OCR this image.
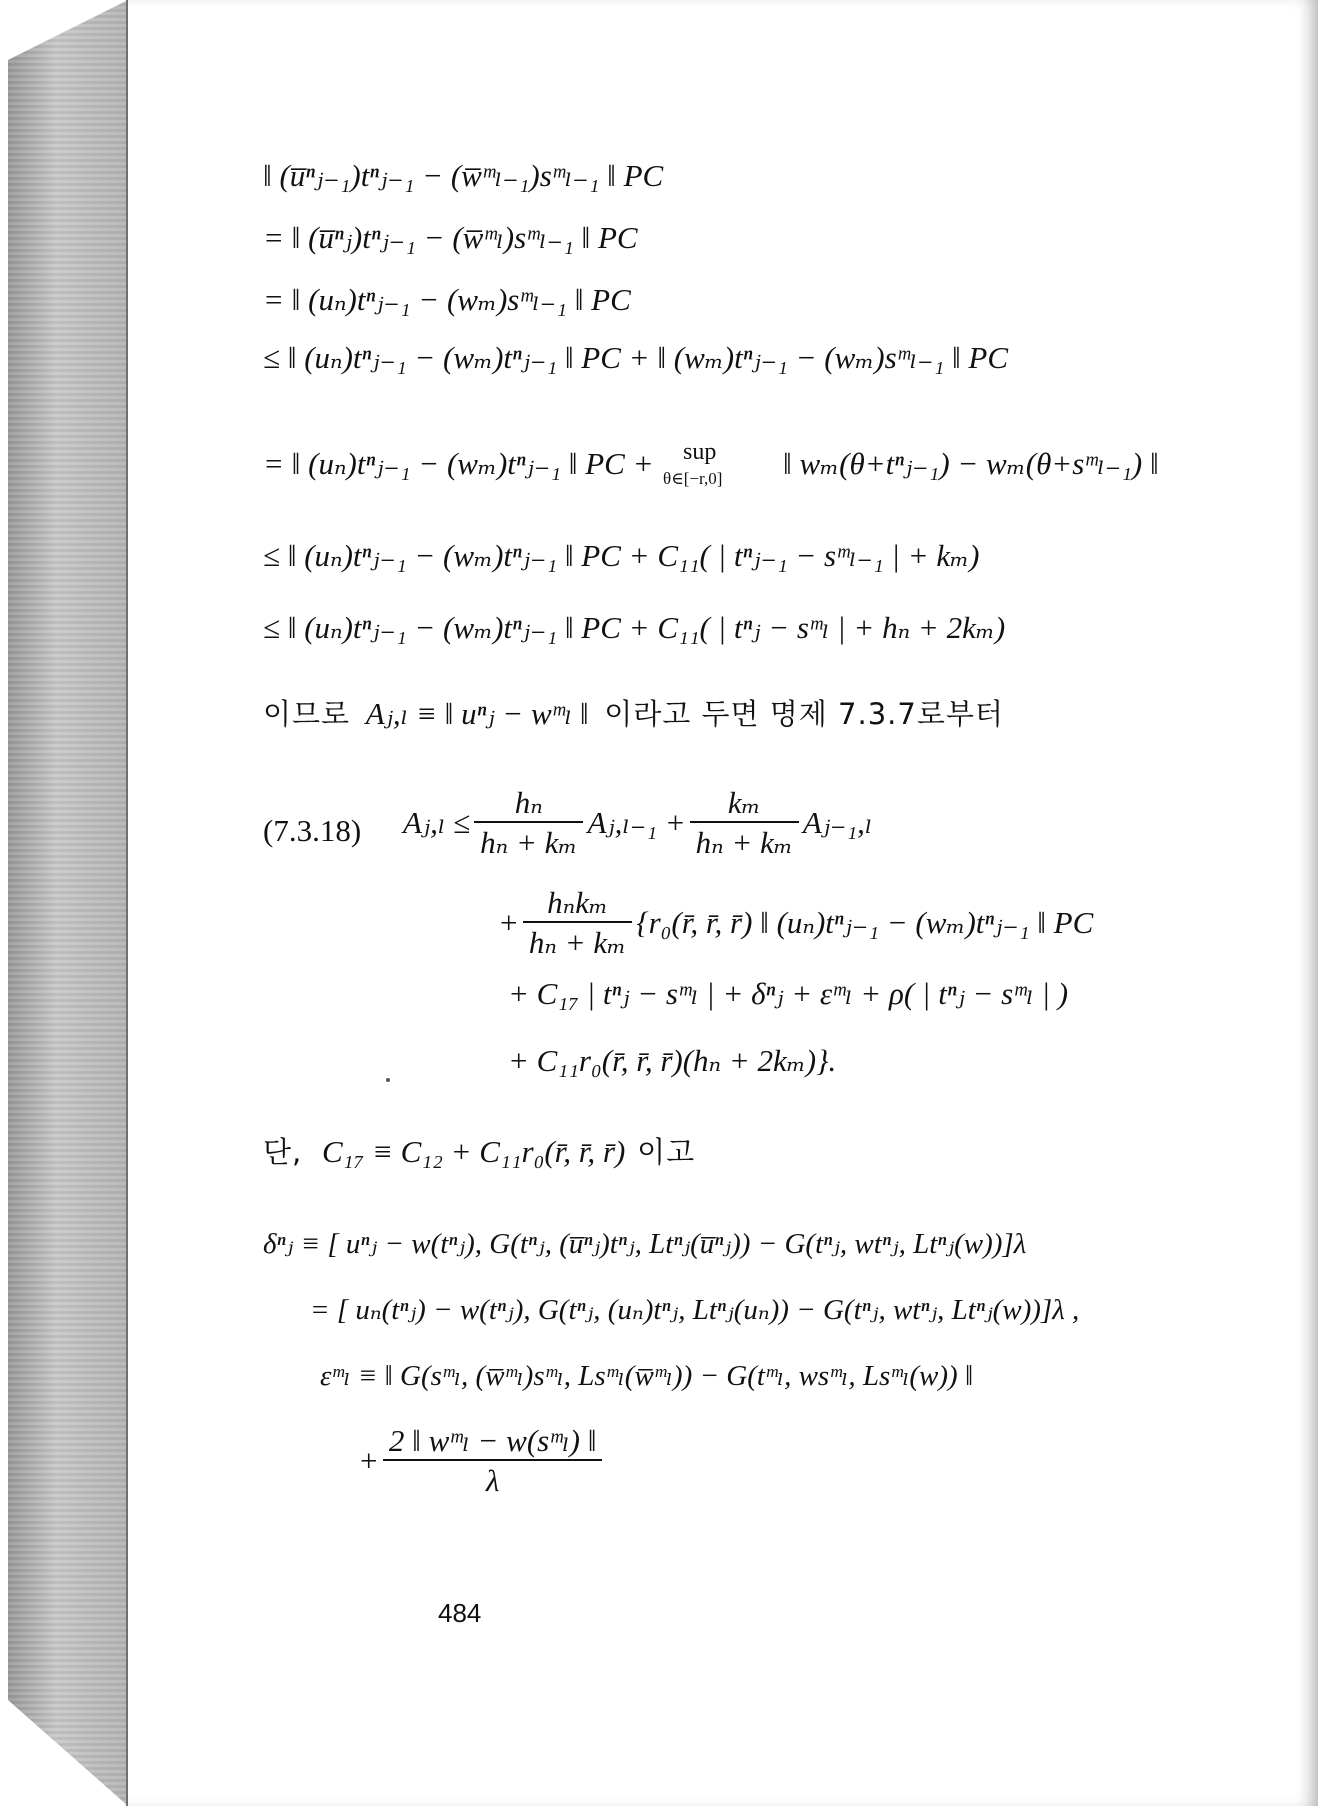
‖ (u̅ⁿⱼ₋₁)tⁿⱼ₋₁ − (w̅ᵐₗ₋₁)sᵐₗ₋₁ ‖ PC
= ‖ (u̅ⁿⱼ)tⁿⱼ₋₁ − (w̅ᵐₗ)sᵐₗ₋₁ ‖ PC
= ‖ (uₙ)tⁿⱼ₋₁ − (wₘ)sᵐₗ₋₁ ‖ PC
≤ ‖ (uₙ)tⁿⱼ₋₁ − (wₘ)tⁿⱼ₋₁ ‖ PC + ‖ (wₘ)tⁿⱼ₋₁ − (wₘ)sᵐₗ₋₁ ‖ PC
= ‖ (uₙ)tⁿⱼ₋₁ − (wₘ)tⁿⱼ₋₁ ‖ PC + sup
θ∈[−r,0] ‖ wₘ(θ+tⁿⱼ₋₁) − wₘ(θ+sᵐₗ₋₁) ‖
≤ ‖ (uₙ)tⁿⱼ₋₁ − (wₘ)tⁿⱼ₋₁ ‖ PC + C₁₁( | tⁿⱼ₋₁ − sᵐₗ₋₁ | + kₘ)
≤ ‖ (uₙ)tⁿⱼ₋₁ − (wₘ)tⁿⱼ₋₁ ‖ PC + C₁₁( | tⁿⱼ − sᵐₗ | + hₙ + 2kₘ)
이므로 Aⱼ,ₗ ≡ ‖ uⁿⱼ − wᵐₗ ‖ 이라고 두면 명제 7.3.7로부터
(7.3.18) Aⱼ,ₗ ≤ $\frac{\text{hₙ}}{\text{hₙ + kₘ}}$ Aⱼ,ₗ₋₁ + $\frac{\text{kₘ}}{\text{hₙ + kₘ}}$ Aⱼ₋₁,ₗ
+ $\frac{\text{hₙkₘ}}{\text{hₙ + kₘ}}$ {r₀(r̄, r̄, r̄) ‖ (uₙ)tⁿⱼ₋₁ − (wₘ)tⁿⱼ₋₁ ‖ PC
+ C₁₇ | tⁿⱼ − sᵐₗ | + δⁿⱼ + εᵐₗ + ρ( | tⁿⱼ − sᵐₗ | )
+ C₁₁r₀(r̄, r̄, r̄)(hₙ + 2kₘ)}.
단, C₁₇ ≡ C₁₂ + C₁₁r₀(r̄, r̄, r̄) 이고
δⁿⱼ ≡ [ uⁿⱼ − w(tⁿⱼ), G(tⁿⱼ, (u̅ⁿⱼ)tⁿⱼ, Ltⁿⱼ(u̅ⁿⱼ)) − G(tⁿⱼ, wtⁿⱼ, Ltⁿⱼ(w))]λ
= [ uₙ(tⁿⱼ) − w(tⁿⱼ), G(tⁿⱼ, (uₙ)tⁿⱼ, Ltⁿⱼ(uₙ)) − G(tⁿⱼ, wtⁿⱼ, Ltⁿⱼ(w))]λ ,
εᵐₗ ≡ ‖ G(sᵐₗ, (w̅ᵐₗ)sᵐₗ, Lsᵐₗ(w̅ᵐₗ)) − G(tᵐₗ, wsᵐₗ, Lsᵐₗ(w)) ‖
+ $\frac{\text{2 ‖ wᵐₗ − w(sᵐₗ) ‖}}{\lambda}$
484
